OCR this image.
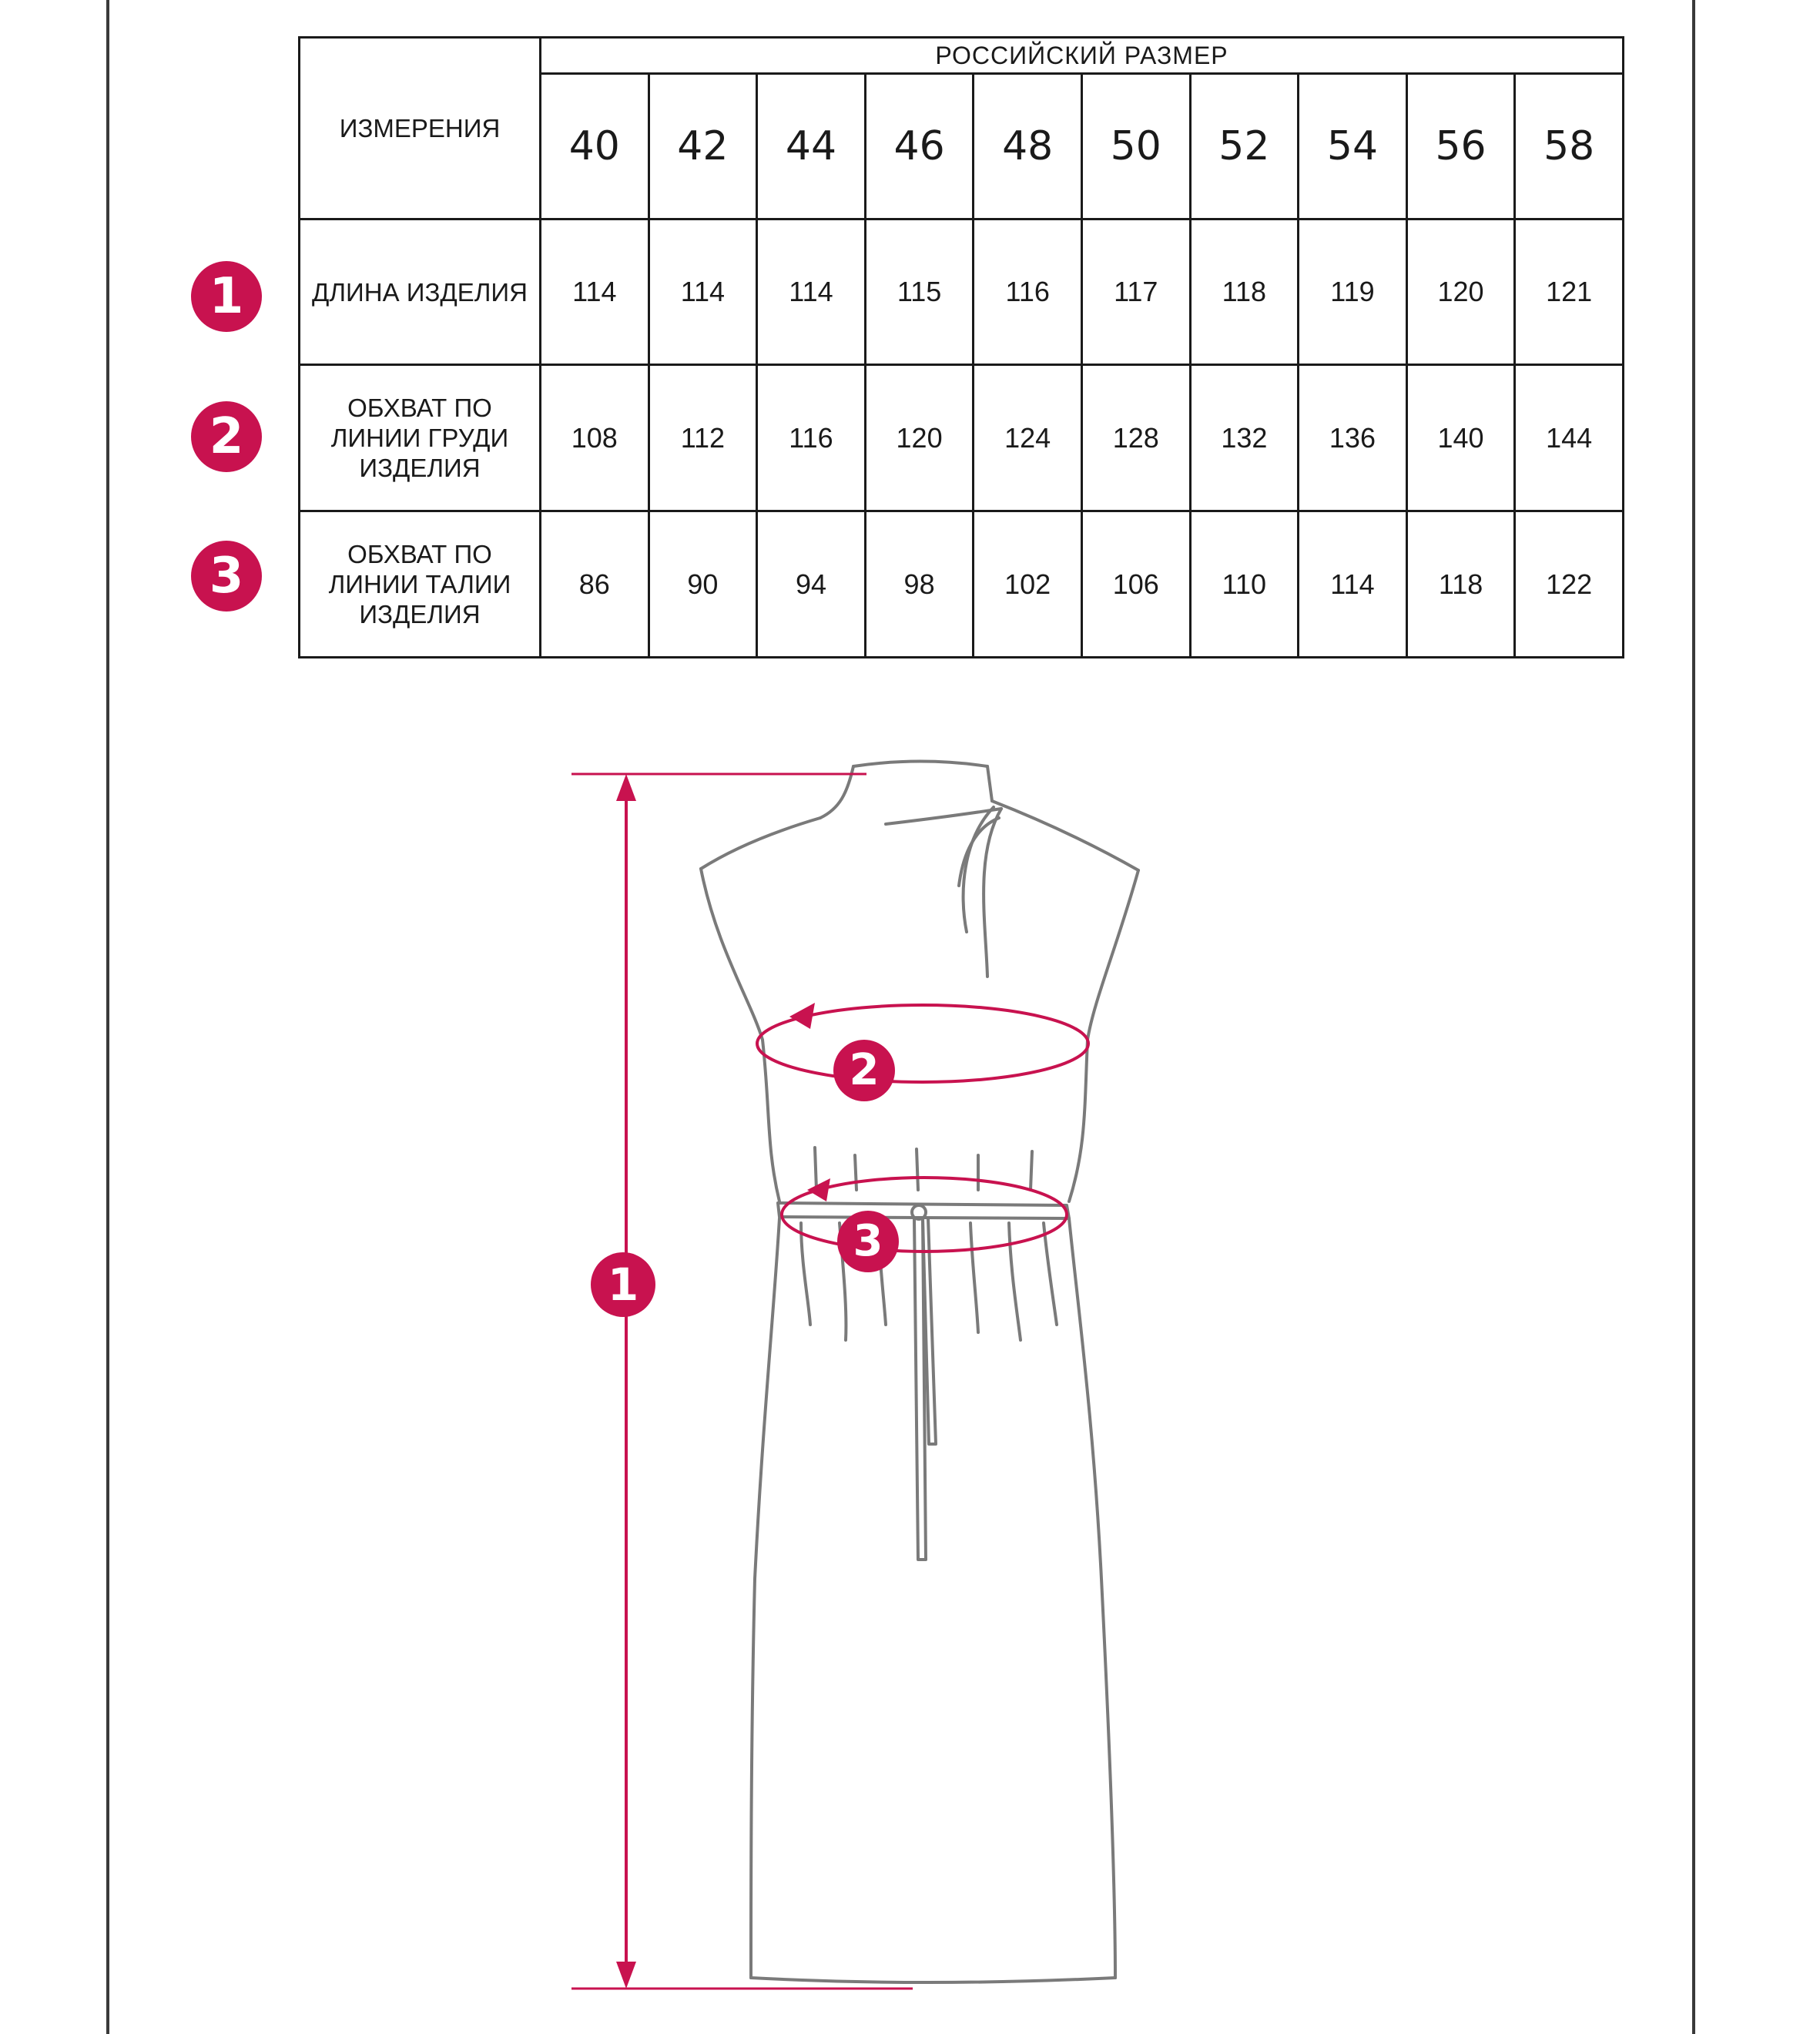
ИЗМЕРЕНИЯ	РОССИЙСКИЙ РАЗМЕР									
	40	42	44	46	48	50	52	54	56	58
ДЛИНА ИЗДЕЛИЯ	114	114	114	115	116	117	118	119	120	121
ОБХВАТ ПО
ЛИНИИ ГРУДИ
ИЗДЕЛИЯ	108	112	116	120	124	128	132	136	140	144
ОБХВАТ ПО
ЛИНИИ ТАЛИИ
ИЗДЕЛИЯ	86	90	94	98	102	106	110	114	118	122
1
2
3
1
2
3
